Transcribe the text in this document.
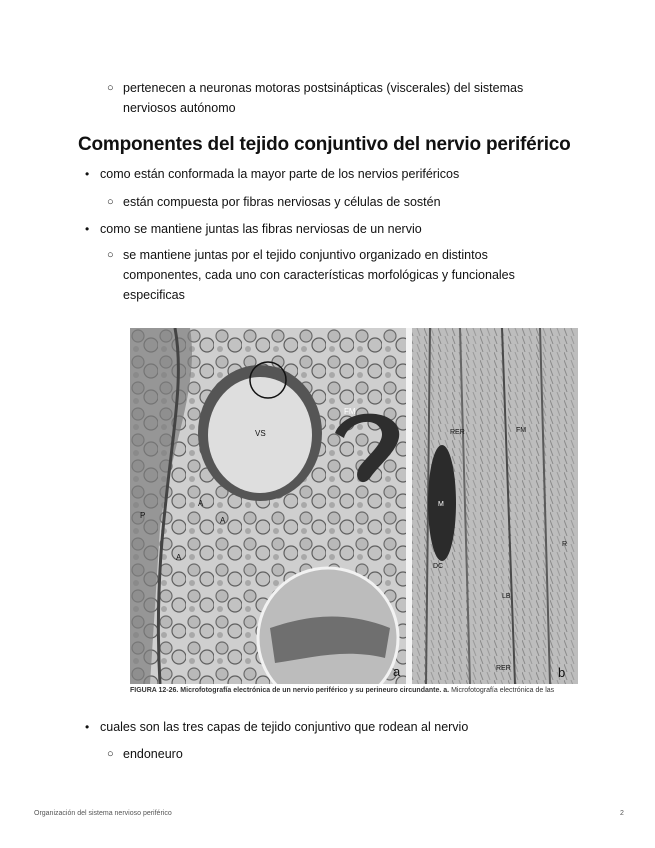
○ pertenecen a neuronas motoras postsinápticas (viscerales) del sistemas nerviosos autónomo
Componentes del tejido conjuntivo del nervio periférico
• como están conformada la mayor parte de los nervios periféricos
○ están compuesta por fibras nerviosas y células de sostén
• como se mantiene juntas las fibras nerviosas de un nervio
○ se mantiene juntas por el tejido conjuntivo organizado en distintos componentes, cada uno con características morfológicas y funcionales especificas
VS
FM
P
A
A
A
a
RER	FM
M
R
DC
LB
RER	b
FIGURA 12-26. Microfotografía electrónica de un nervio periférico y su perineuro circundante. a. Microfotografía electrónica de las
• cuales son las tres capas de tejido conjuntivo que rodean al nervio
○ endoneuro
Organización del sistema nervioso periférico	2
